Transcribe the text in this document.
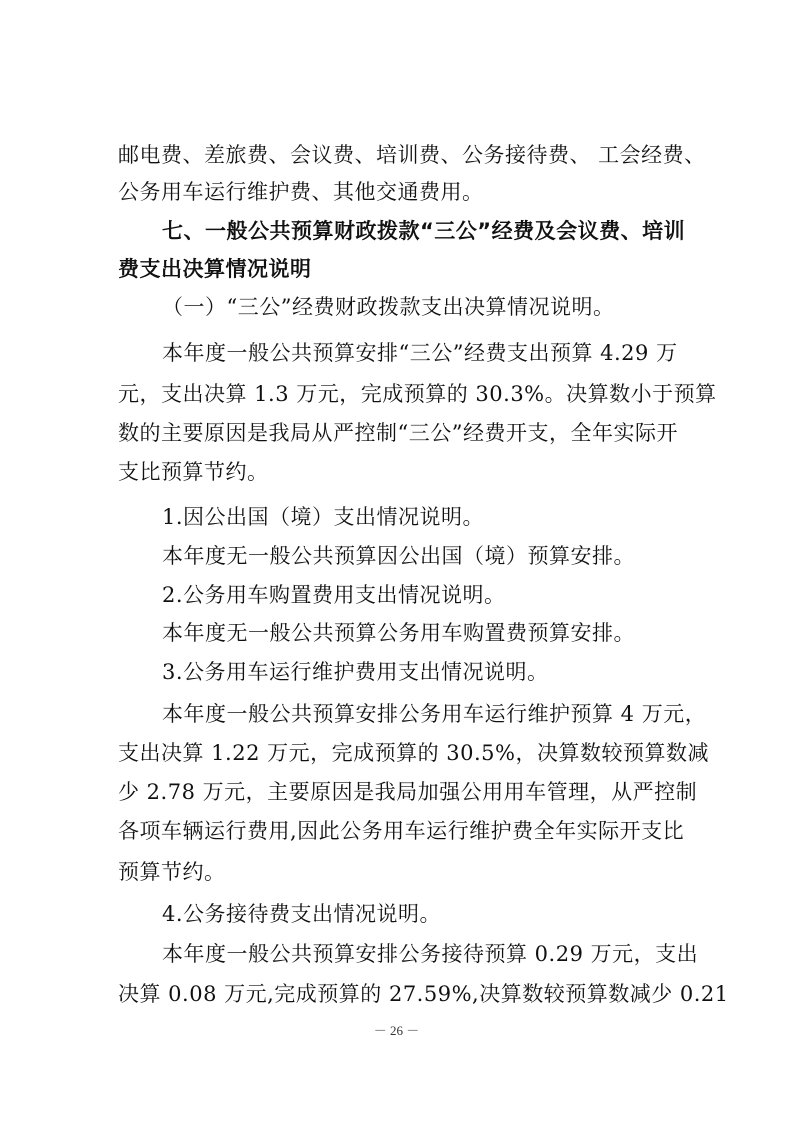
邮电费、差旅费、会议费、培训费、公务接待费、 工会经费、
公务用车运行维护费、其他交通费用。
七、一般公共预算财政拨款“三公”经费及会议费、培训
费支出决算情况说明
（一）“三公”经费财政拨款支出决算情况说明。
本年度一般公共预算安排“三公”经费支出预算 4.29 万
元，支出决算 1.3 万元，完成预算的 30.3%。决算数小于预算
数的主要原因是我局从严控制“三公”经费开支，全年实际开
支比预算节约。
1.因公出国（境）支出情况说明。
本年度无一般公共预算因公出国（境）预算安排。
2.公务用车购置费用支出情况说明。
本年度无一般公共预算公务用车购置费预算安排。
3.公务用车运行维护费用支出情况说明。
本年度一般公共预算安排公务用车运行维护预算 4 万元，
支出决算 1.22 万元，完成预算的 30.5%，决算数较预算数减
少 2.78 万元，主要原因是我局加强公用用车管理，从严控制
各项车辆运行费用,因此公务用车运行维护费全年实际开支比
预算节约。
4.公务接待费支出情况说明。
本年度一般公共预算安排公务接待预算 0.29 万元，支出
决算 0.08 万元,完成预算的 27.59%,决算数较预算数减少 0.21
－ 26 －
